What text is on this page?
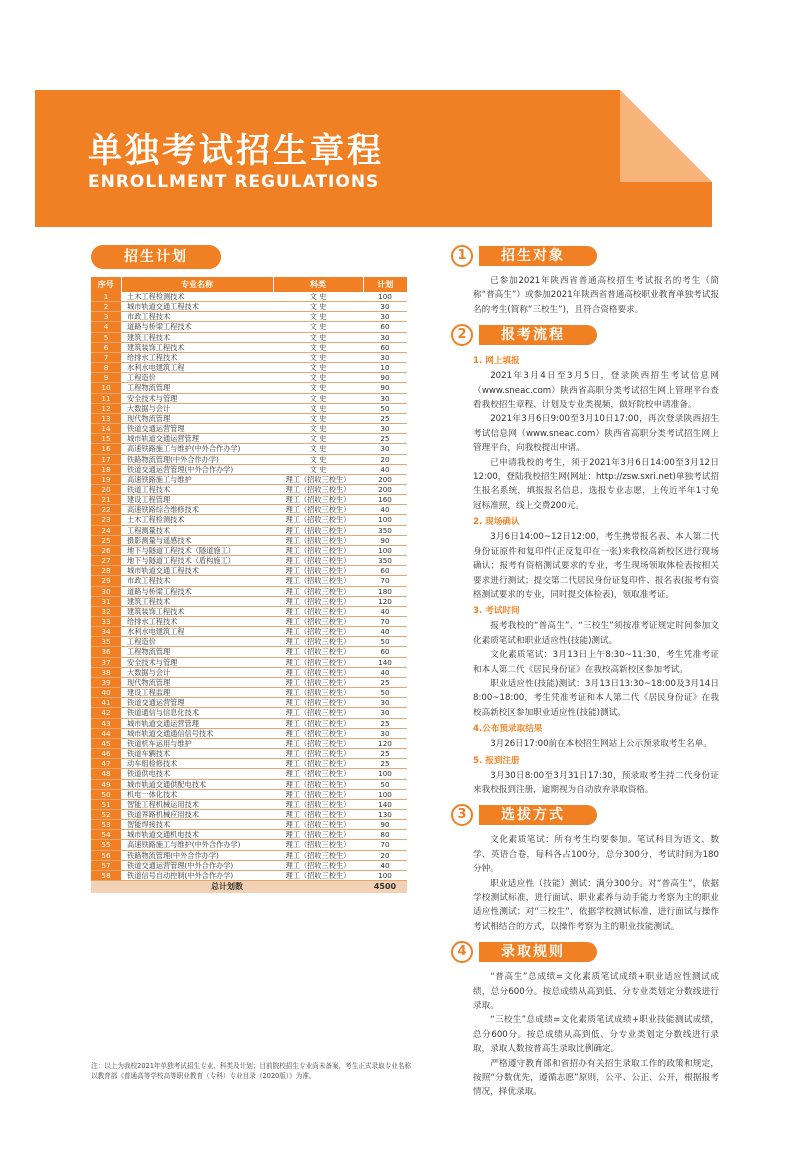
单独考试招生章程
ENROLLMENT REGULATIONS
招生计划
序号	专业名称	科类	计划
1	土木工程检测技术	文 史	100
2	城市轨道交通工程技术	文 史	30
3	市政工程技术	文 史	30
4	道路与桥梁工程技术	文 史	60
5	建筑工程技术	文 史	30
6	建筑装饰工程技术	文 史	60
7	给排水工程技术	文 史	30
8	水利水电建筑工程	文 史	10
9	工程造价	文 史	90
10	工程物流管理	文 史	90
11	安全技术与管理	文 史	30
12	大数据与会计	文 史	50
13	现代物流管理	文 史	25
14	铁道交通运营管理	文 史	30
15	城市轨道交通运营管理	文 史	25
16	高速铁路施工与维护(中外合作办学)	文 史	30
17	铁路物流管理(中外合作办学)	文 史	20
18	铁道交通运营管理(中外合作办学)	文 史	40
19	高速铁路施工与维护	理工（招收三校生）	200
20	铁道工程技术	理工（招收三校生）	200
21	建设工程管理	理工（招收三校生）	160
22	高速铁路综合维修技术	理工（招收三校生）	40
23	土木工程检测技术	理工（招收三校生）	100
24	工程测量技术	理工（招收三校生）	350
25	摄影测量与遥感技术	理工（招收三校生）	90
26	地下与隧道工程技术（隧道施工）	理工（招收三校生）	100
27	地下与隧道工程技术（盾构施工）	理工（招收三校生）	350
28	城市轨道交通工程技术	理工（招收三校生）	60
29	市政工程技术	理工（招收三校生）	70
30	道路与桥梁工程技术	理工（招收三校生）	180
31	建筑工程技术	理工（招收三校生）	120
32	建筑装饰工程技术	理工（招收三校生）	40
33	给排水工程技术	理工（招收三校生）	70
34	水利水电建筑工程	理工（招收三校生）	40
35	工程造价	理工（招收三校生）	50
36	工程物流管理	理工（招收三校生）	60
37	安全技术与管理	理工（招收三校生）	140
38	大数据与会计	理工（招收三校生）	40
39	现代物流管理	理工（招收三校生）	25
40	建设工程监理	理工（招收三校生）	50
41	铁道交通运营管理	理工（招收三校生）	30
42	铁道通信与信息化技术	理工（招收三校生）	30
43	城市轨道交通运营管理	理工（招收三校生）	25
44	城市轨道交通通信信号技术	理工（招收三校生）	30
45	铁道机车运用与维护	理工（招收三校生）	120
46	铁道车辆技术	理工（招收三校生）	25
47	动车组检修技术	理工（招收三校生）	25
48	铁道供电技术	理工（招收三校生）	100
49	城市轨道交通供配电技术	理工（招收三校生）	50
50	机电一体化技术	理工（招收三校生）	100
51	智能工程机械运用技术	理工（招收三校生）	140
52	铁道养路机械应用技术	理工（招收三校生）	130
53	智能焊接技术	理工（招收三校生）	90
54	城市轨道交通机电技术	理工（招收三校生）	80
55	高速铁路施工与维护(中外合作办学)	理工（招收三校生）	70
56	铁路物流管理(中外合作办学)	理工（招收三校生）	20
57	铁道交通运营管理(中外合作办学)	理工（招收三校生）	40
58	铁道信号自动控制(中外合作办学)	理工（招收三校生）	100
总计划数			4500
注：以上为我校2021年单独考试招生专业、科类及计划；目前院校招生专业尚未备案，考生正式录取专业名称以教育部《普通高等学校高等职业教育（专科）专业目录（2020版）》为准。
1	招生对象
已参加2021年陕西省普通高校招生考试报名的考生（简称“普高生”）或参加2021年陕西省普通高校职业教育单独考试报名的考生(简称“三校生”)，且符合资格要求。
2	报考流程
1. 网上填报
2021年3月4日至3月5日，登录陕西招生考试信息网（www.sneac.com）陕西省高职分类考试招生网上管理平台查看我校招生章程、计划及专业类视频，做好院校申请准备。
2021年3月6日9:00至3月10日17:00，再次登录陕西招生考试信息网（www.sneac.com）陕西省高职分类考试招生网上管理平台，向我校提出申请。
已申请我校的考生，须于2021年3月6日14:00至3月12日12:00，登陆我校招生网(网址：http://zsw.sxri.net)单独考试招生报名系统，填报报名信息，选报专业志愿，上传近半年1寸免冠标准照，线上交费200元。
2. 现场确认
3月6日14:00~12日12:00，考生携带报名表、本人第二代身份证原件和复印件(正反复印在一张)来我校高新校区进行现场确认；报考有资格测试要求的专业，考生现场领取体检表按相关要求进行测试；提交第二代居民身份证复印件、报名表(报考有资格测试要求的专业，同时提交体检表)，领取准考证。
3. 考试时间
报考我校的“普高生”、“三校生”须按准考证规定时间参加文化素质笔试和职业适应性(技能)测试。
文化素质笔试：3月13日上午8:30~11:30，考生凭准考证和本人第二代《居民身份证》在我校高新校区参加考试。
职业适应性(技能)测试：3月13日13:30~18:00及3月14日8:00~18:00，考生凭准考证和本人第二代《居民身份证》在我校高新校区参加职业适应性(技能)测试。
4.公布预录取结果
3月26日17:00前在本校招生网站上公示预录取考生名单。
5. 报到注册
3月30日8:00至3月31日17:30，预录取考生持二代身份证来我校报到注册，逾期视为自动放弃录取资格。
3	选拔方式
文化素质笔试：所有考生均要参加。笔试科目为语文、数学、英语合卷，每科各占100分，总分300分，考试时间为180分钟。
职业适应性（技能）测试：满分300分。对“普高生”，依据学校测试标准，进行面试、职业素养与动手能力考察为主的职业适应性测试；对“三校生”，依据学校测试标准，进行面试与操作考试相结合的方式，以操作考察为主的职业技能测试。
4	录取规则
“普高生”总成绩=文化素质笔试成绩+职业适应性测试成绩，总分600分。按总成绩从高到低、分专业类划定分数线进行录取。
“三校生”总成绩=文化素质笔试成绩+职业技能测试成绩，总分600分。按总成绩从高到低、分专业类划定分数线进行录取，录取人数按普高生录取比例确定。
严格遵守教育部和省招办有关招生录取工作的政策和规定，按照“分数优先，遵循志愿”原则，公平、公正、公开，根据报考情况，择优录取。
